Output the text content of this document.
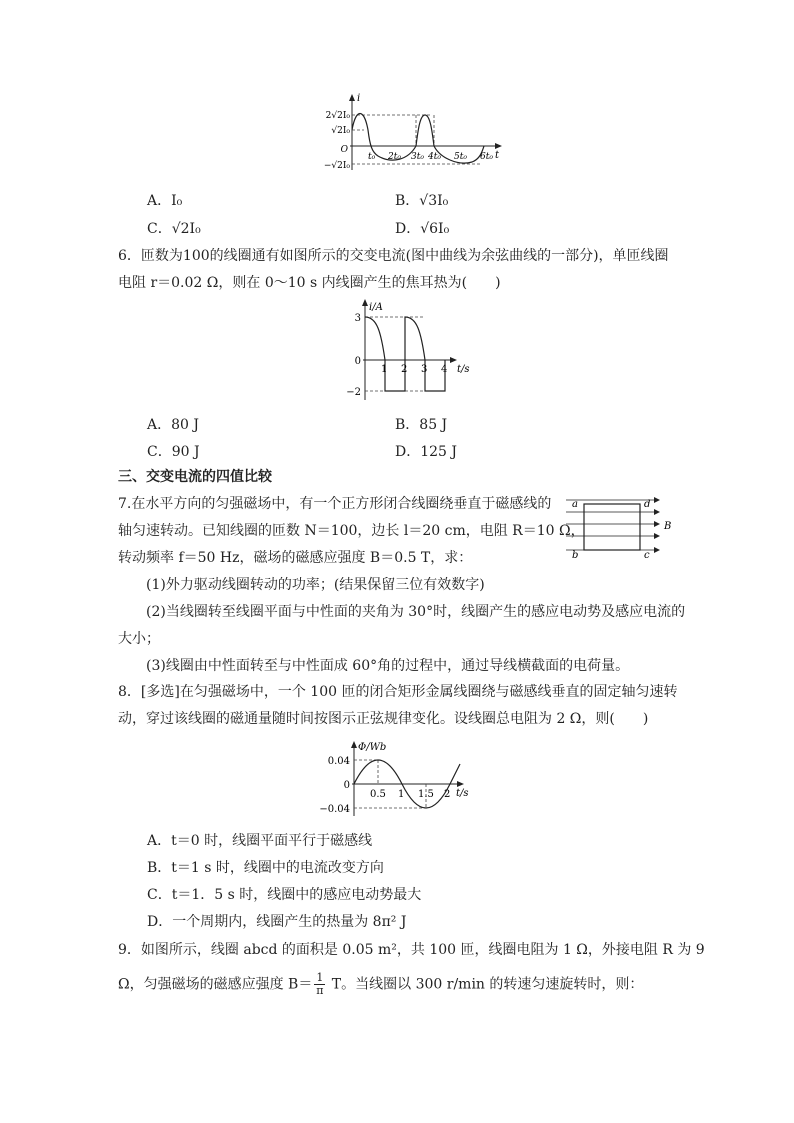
i
t
2√2I₀
√2I₀
O
−√2I₀
t₀ 2t₀ 3t₀ 4t₀ 5t₀ 6t₀
A．I₀	B．√3I₀
C．√2I₀	D．√6I₀
6．匝数为100的线圈通有如图所示的交变电流(图中曲线为余弦曲线的一部分)，单匝线圈
电阻 r＝0.02 Ω，则在 0～10 s 内线圈产生的焦耳热为(　　)
i/A
t/s
3
0
−2
1 2 3 4
A．80 J	B．85 J
C．90 J	D．125 J
三、交变电流的四值比较
7.在水平方向的匀强磁场中，有一个正方形闭合线圈绕垂直于磁感线的
轴匀速转动。已知线圈的匝数 N＝100，边长 l＝20 cm，电阻 R＝10 Ω，
转动频率 f＝50 Hz，磁场的磁感应强度 B＝0.5 T，求：
(1)外力驱动线圈转动的功率；(结果保留三位有效数字)
(2)当线圈转至线圈平面与中性面的夹角为 30°时，线圈产生的感应电动势及感应电流的
大小；
(3)线圈由中性面转至与中性面成 60°角的过程中，通过导线横截面的电荷量。
a	d
b	c
B
8．[多选]在匀强磁场中，一个 100 匝的闭合矩形金属线圈绕与磁感线垂直的固定轴匀速转
动，穿过该线圈的磁通量随时间按图示正弦规律变化。设线圈总电阻为 2 Ω，则(　　)
Φ/Wb
t/s
0.04
0
−0.04
0.5 1 1.5 2
A．t＝0 时，线圈平面平行于磁感线
B．t＝1 s 时，线圈中的电流改变方向
C．t＝1．5 s 时，线圈中的感应电动势最大
D．一个周期内，线圈产生的热量为 8π² J
9．如图所示，线圈 abcd 的面积是 0.05 m²，共 100 匝，线圈电阻为 1 Ω，外接电阻 R 为 9
Ω，匀强磁场的磁感应强度 $B= \frac{1}{\pi}$ T。当线圈以 300 r/min 的转速匀速旋转时，则：
